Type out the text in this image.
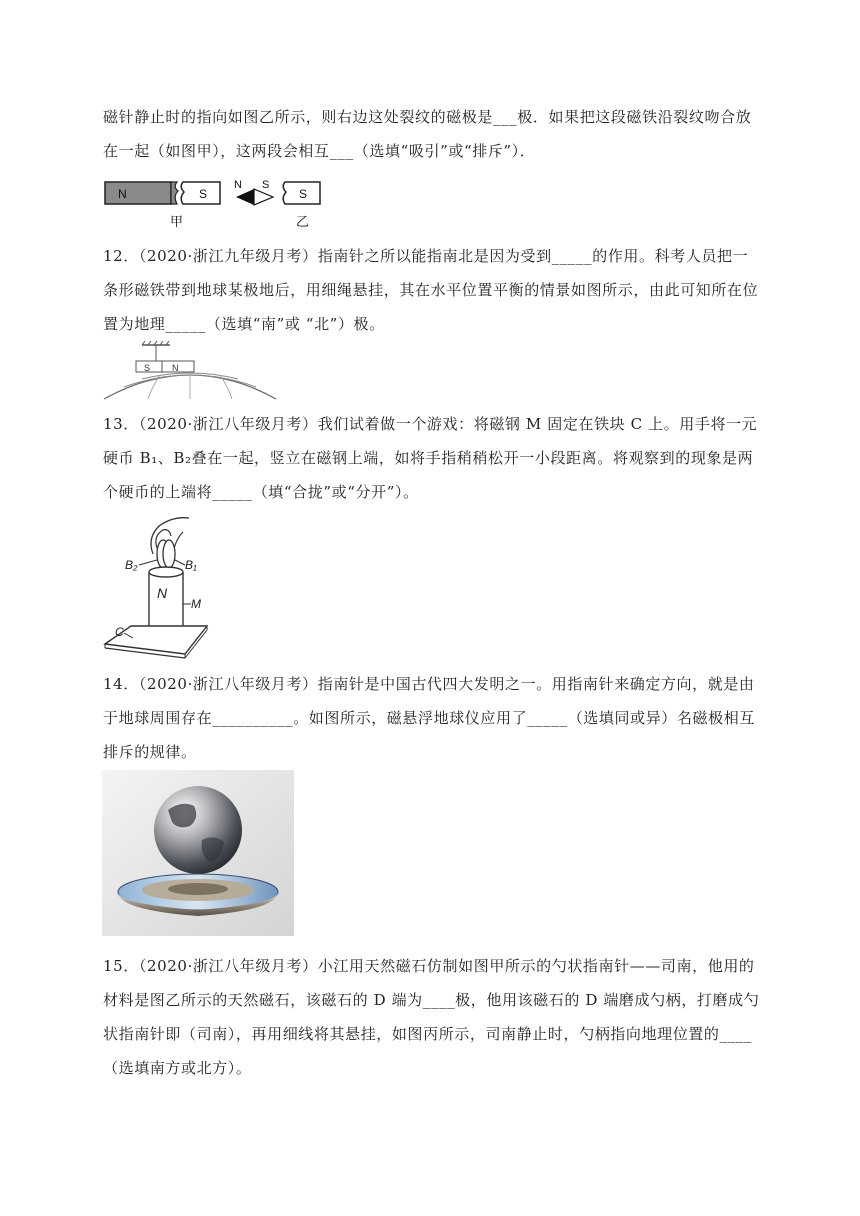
磁针静止时的指向如图乙所示，则右边这处裂纹的磁极是___极．如果把这段磁铁沿裂纹吻合放在一起（如图甲），这两段会相互___（选填“吸引”或“排斥”）．
N	S
甲
N S
S
乙
12．（2020·浙江九年级月考）指南针之所以能指南北是因为受到_____的作用。科考人员把一条形磁铁带到地球某极地后，用细绳悬挂，其在水平位置平衡的情景如图所示，由此可知所在位置为地理_____（选填“南”或 “北”）极。
S N
13．（2020·浙江八年级月考）我们试着做一个游戏：将磁钢 M 固定在铁块 C 上。用手将一元硬币 B₁、B₂叠在一起，竖立在磁钢上端，如将手指稍稍松开一小段距离。将观察到的现象是两个硬币的上端将_____（填“合拢”或“分开”）。
B₂	B₁
N
M
C
14．（2020·浙江八年级月考）指南针是中国古代四大发明之一。用指南针来确定方向，就是由于地球周围存在__________。如图所示，磁悬浮地球仪应用了_____（选填同或异）名磁极相互排斥的规律。
15．（2020·浙江八年级月考）小江用天然磁石仿制如图甲所示的勺状指南针——司南，他用的材料是图乙所示的天然磁石，该磁石的 D 端为____极，他用该磁石的 D 端磨成勺柄，打磨成勺状指南针即（司南），再用细线将其悬挂，如图丙所示，司南静止时，勺柄指向地理位置的____（选填南方或北方）。
